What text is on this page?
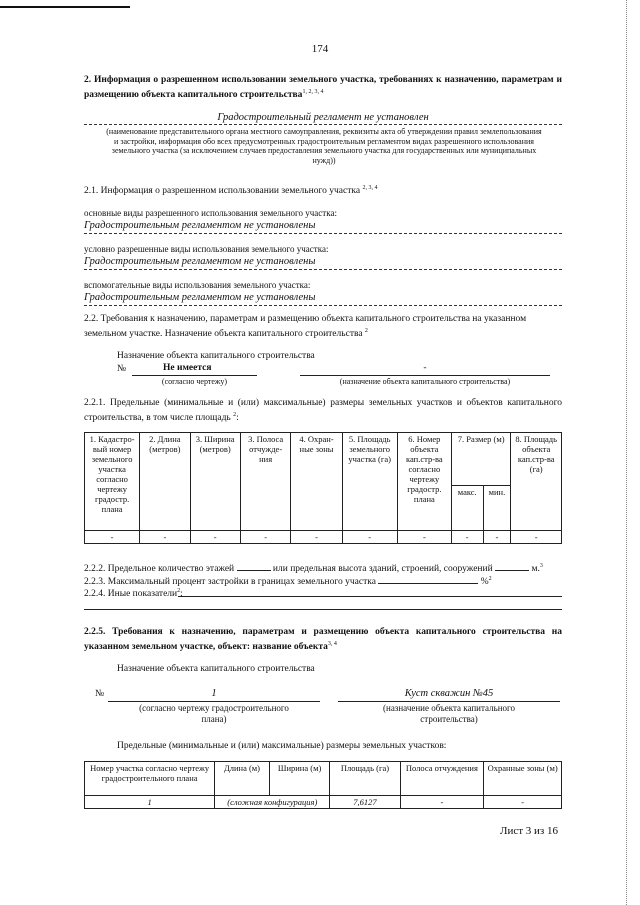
174
2. Информация о разрешенном использовании земельного участка, требованиях к назначению, параметрам и размещению объекта капитального строительства$^{1, 2, 3, 4}$
Градостроительный регламент не установлен
(наименование представительного органа местного самоуправления, реквизиты акта об утверждении правил землепользования и застройки, информация обо всех предусмотренных градостроительным регламентом видах разрешенного использования земельного участка (за исключением случаев предоставления земельного участка для государственных или муниципальных нужд))
2.1. Информация о разрешенном использовании земельного участка $^{2, 3, 4}$
основные виды разрешенного использования земельного участка:
Градостроительным регламентом не установлены
условно разрешенные виды использования земельного участка:
Градостроительным регламентом не установлены
вспомогательные виды использования земельного участка:
Градостроительным регламентом не установлены
2.2. Требования к назначению, параметрам и размещению объекта капитального строительства на указанном земельном участке. Назначение объекта капитального строительства $^2$
Назначение объекта капитального строительства
№	Не имеется	-
(согласно чертежу)	(назначение объекта капитального строительства)
2.2.1. Предельные (минимальные и (или) максимальные) размеры земельных участков и объектов капитального строительства, в том числе площадь $^2$:
1. Кадастро-вый номер земельного участка согласно чертежу градостр. плана	2. Длина (метров)	3. Ширина (метров)	3. Полоса отчужде-ния	4. Охран-ные зоны	5. Площадь земельного участка (га)	6. Номер объекта кап.стр-ва согласно чертежу градостр. плана	7. Размер (м)		8. Площадь объекта кап.стр-ва (га)
							макс.	мин.	
-	-	-	-	-	-	-	-	-	-
2.2.2. Предельное количество этажей	или предельная высота зданий, строений, сооружений	м.$^3$
2.2.3. Максимальный процент застройки в границах земельного участка	%$^2$
2.2.4. Иные показатели$^2$:
2.2.5. Требования к назначению, параметрам и размещению объекта капитального строительства на указанном земельном участке, объект: название объекта$^{3, 4}$
Назначение объекта капитального строительства
№	1	Куст скважин №45
(согласно чертежу градостроительного
плана)
(назначение объекта капитального
строительства)
Предельные (минимальные и (или) максимальные) размеры земельных участков:
Номер участка согласно чертежу градостроительного плана	Длина (м)	Ширина (м)	Площадь (га)	Полоса отчуждения	Охранные зоны (м)
1	(сложная конфигурация)		7,6127	-	-
Лист 3 из 16
